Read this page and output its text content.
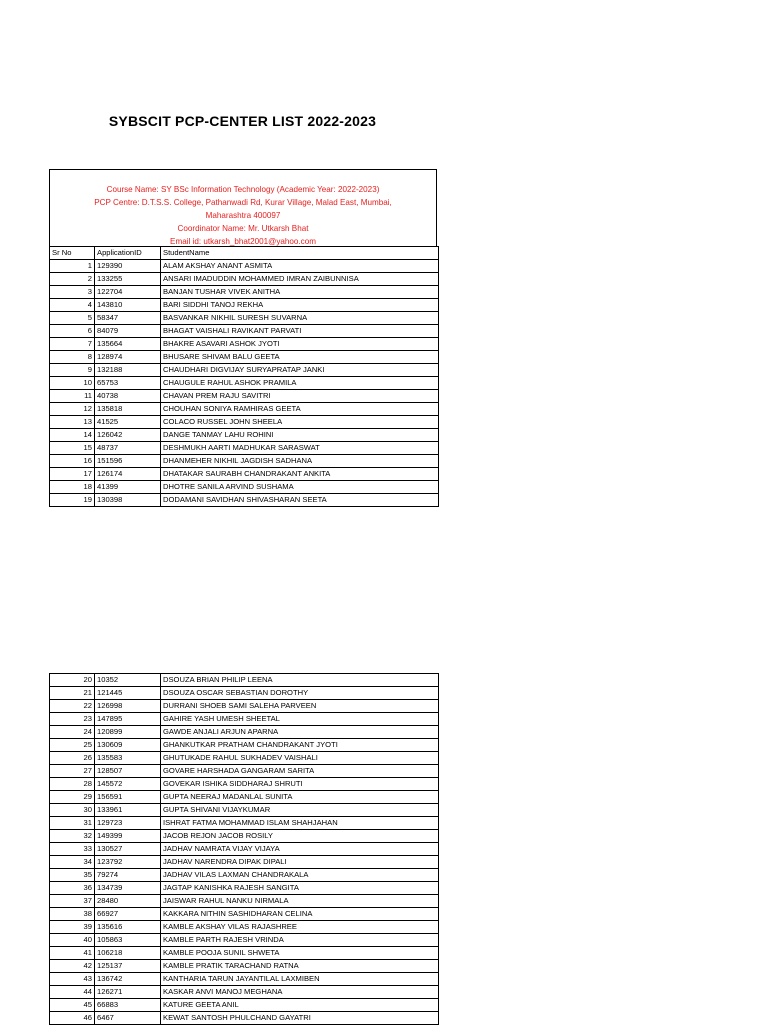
SYBSCIT PCP-CENTER LIST 2022-2023
Course Name: SY BSc Information Technology (Academic Year: 2022-2023)
PCP Centre: D.T.S.S. College, Pathanwadi Rd, Kurar Village, Malad East, Mumbai,
Maharashtra 400097
Coordinator Name: Mr. Utkarsh Bhat
Email id: utkarsh_bhat2001@yahoo.com
Sr No	ApplicationID	StudentName
1	129390	ALAM AKSHAY ANANT ASMITA
2	133255	ANSARI IMADUDDIN MOHAMMED IMRAN ZAIBUNNISA
3	122704	BANJAN TUSHAR VIVEK ANITHA
4	143810	BARI SIDDHI TANOJ REKHA
5	58347	BASVANKAR NIKHIL SURESH SUVARNA
6	84079	BHAGAT VAISHALI RAVIKANT PARVATI
7	135664	BHAKRE ASAVARI ASHOK JYOTI
8	128974	BHUSARE SHIVAM BALU GEETA
9	132188	CHAUDHARI DIGVIJAY SURYAPRATAP JANKI
10	65753	CHAUGULE RAHUL ASHOK PRAMILA
11	40738	CHAVAN PREM RAJU SAVITRI
12	135818	CHOUHAN SONIYA RAMHIRAS GEETA
13	41525	COLACO RUSSEL JOHN SHEELA
14	126042	DANGE TANMAY LAHU ROHINI
15	48737	DESHMUKH AARTI MADHUKAR SARASWAT
16	151596	DHANMEHER NIKHIL JAGDISH SADHANA
17	126174	DHATAKAR SAURABH CHANDRAKANT ANKITA
18	41399	DHOTRE SANILA ARVIND SUSHAMA
19	130398	DODAMANI SAVIDHAN SHIVASHARAN SEETA
20	10352	DSOUZA BRIAN PHILIP LEENA
21	121445	DSOUZA OSCAR SEBASTIAN DOROTHY
22	126998	DURRANI SHOEB SAMI SALEHA PARVEEN
23	147895	GAHIRE YASH UMESH SHEETAL
24	120899	GAWDE ANJALI ARJUN APARNA
25	130609	GHANKUTKAR PRATHAM CHANDRAKANT JYOTI
26	135583	GHUTUKADE RAHUL SUKHADEV VAISHALI
27	128507	GOVARE HARSHADA GANGARAM SARITA
28	145572	GOVEKAR ISHIKA SIDDHARAJ SHRUTI
29	156591	GUPTA NEERAJ MADANLAL SUNITA
30	133961	GUPTA SHIVANI VIJAYKUMAR
31	129723	ISHRAT FATMA MOHAMMAD ISLAM SHAHJAHAN
32	149399	JACOB REJON JACOB ROSILY
33	130527	JADHAV NAMRATA VIJAY VIJAYA
34	123792	JADHAV NARENDRA DIPAK DIPALI
35	79274	JADHAV VILAS LAXMAN CHANDRAKALA
36	134739	JAGTAP KANISHKA RAJESH SANGITA
37	28480	JAISWAR RAHUL NANKU NIRMALA
38	66927	KAKKARA NITHIN SASHIDHARAN CELINA
39	135616	KAMBLE AKSHAY VILAS RAJASHREE
40	105863	KAMBLE PARTH RAJESH VRINDA
41	106218	KAMBLE POOJA SUNIL SHWETA
42	125137	KAMBLE PRATIK TARACHAND RATNA
43	136742	KANTHARIA TARUN JAYANTILAL LAXMIBEN
44	126271	KASKAR ANVI MANOJ MEGHANA
45	66883	KATURE GEETA ANIL
46	6467	KEWAT SANTOSH PHULCHAND GAYATRI
